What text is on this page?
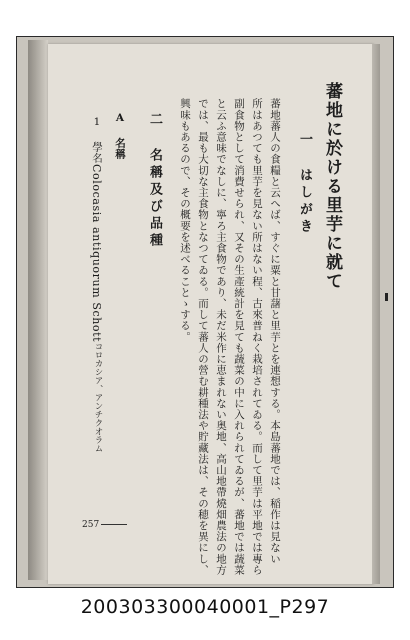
蕃地に於ける里芋に就て
一 はしがき
蕃地蕃人の食糧と云へば、すぐに粟と甘藷と里芋とを連想する。本島蕃地では、稲作は見ない
所はあつても里芋を見ない所はない程、古來普ねく栽培されてゐる。而して里芋は平地では專ら
副食物として消費せられ、又その生產統計を見ても蔬菜の中に入れられてゐるが、蕃地では蔬菜
と云ふ意味でなしに、寧ろ主食物であり、未だ米作に恵まれない奥地、高山地帶燒畑農法の地方
では、最も大切な主食物となつてゐる。而して蕃人の營む耕種法や貯藏法は、その穂を異にし、
興味もあるので、その概要を述べることゝする。
二 名稱及び品種
A 名稱
1 學名
Colocasia antiquorum Schott
コロカシア、アンチクオラム
257
200303300040001_P297
